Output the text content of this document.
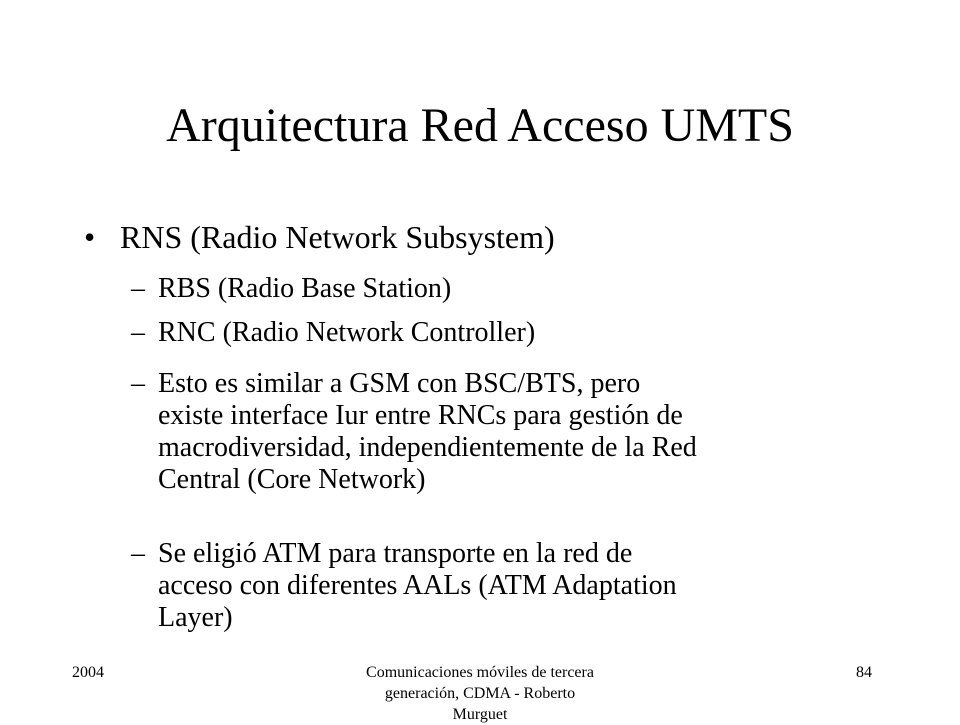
Arquitectura Red Acceso UMTS
• RNS (Radio Network Subsystem)
– RBS (Radio Base Station)
– RNC (Radio Network Controller)
– Esto es similar a GSM con BSC/BTS, pero
existe interface Iur entre RNCs para gestión de
macrodiversidad, independientemente de la Red
Central (Core Network)
– Se eligió ATM para transporte en la red de
acceso con diferentes AALs (ATM Adaptation
Layer)
2004	Comunicaciones móviles de tercera
generación, CDMA - Roberto
Murguet
84
